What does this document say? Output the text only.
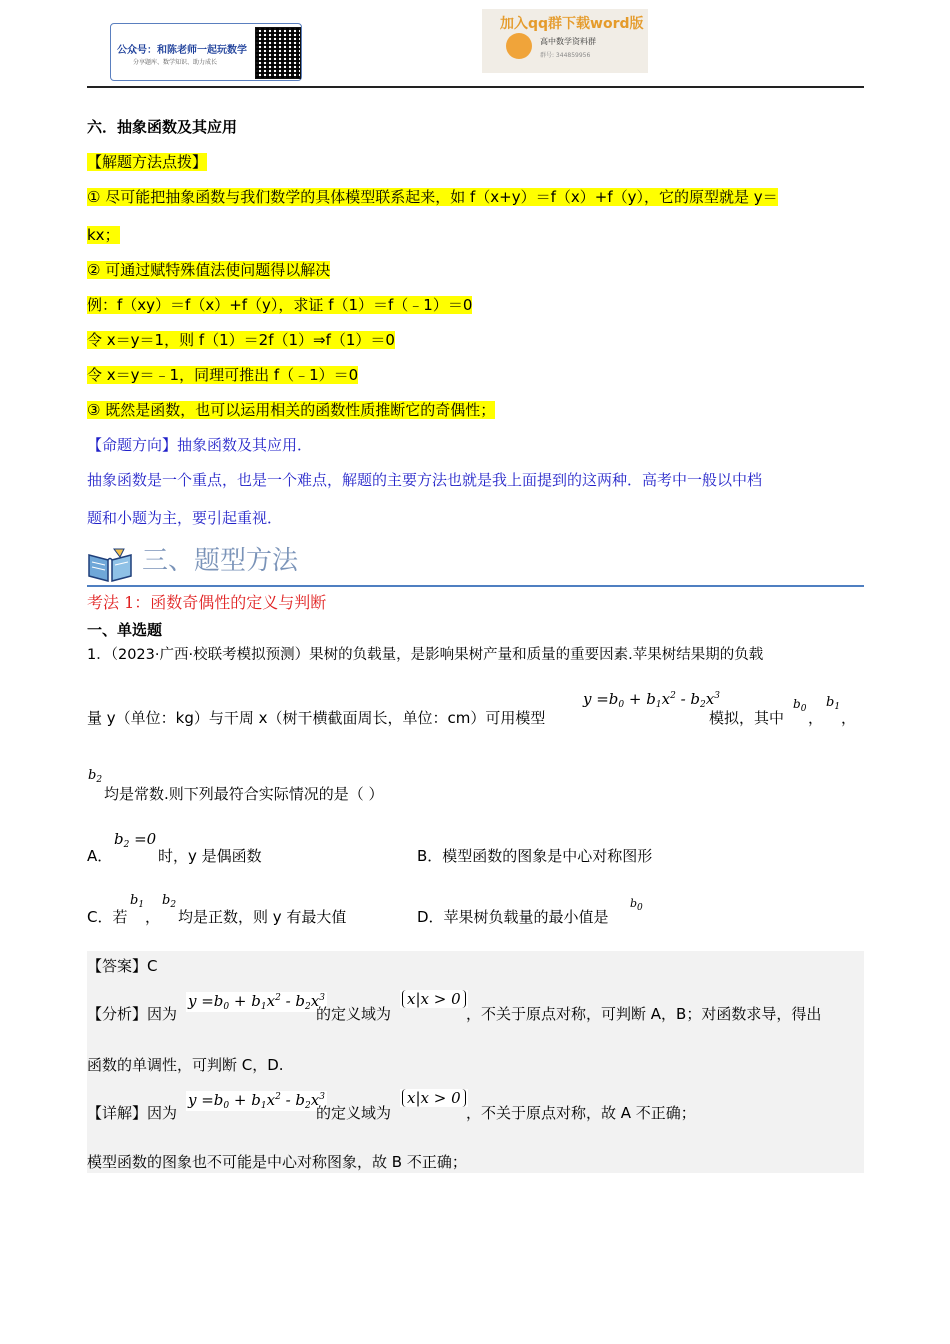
公众号：和陈老师一起玩数学
分享题库、数学知识、助力成长
加入qq群下载word版
高中数学资料群
群号: 344859956
六．抽象函数及其应用
【解题方法点拨】
① 尽可能把抽象函数与我们数学的具体模型联系起来，如 f（x+y）＝f（x）+f（y），它的原型就是 y＝
kx；
② 可通过赋特殊值法使问题得以解决
例：f（xy）＝f（x）+f（y），求证 f（1）＝f（﹣1）＝0
令 x＝y＝1，则 f（1）＝2f（1）⇒f（1）＝0
令 x＝y＝﹣1，同理可推出 f（﹣1）＝0
③ 既然是函数，也可以运用相关的函数性质推断它的奇偶性；
【命题方向】抽象函数及其应用．
抽象函数是一个重点，也是一个难点，解题的主要方法也就是我上面提到的这两种．高考中一般以中档
题和小题为主，要引起重视．
三、题型方法
考法 1：函数奇偶性的定义与判断
一、单选题
1．（2023·广西·校联考模拟预测）果树的负载量，是影响果树产量和质量的重要因素.苹果树结果期的负载
量 y（单位：kg）与干周 x（树干横截面周长，单位：cm）可用模型
$y =b_0 + b_1x^2 - b_2x^3$
模拟，其中
$b_0$ ，
$b_1$
，
$b_2$
均是常数.则下列最符合实际情况的是（ ）
A．
$b_2 =0$
时，y 是偶函数	B．模型函数的图象是中心对称图形
C．若
$b_1$
，
$b_2$
均是正数，则 y 有最大值	D．苹果树负载量的最小值是
$b_0$
【答案】C
【分析】因为
$y =b_0 + b_1x^2 - b_2x^3$
的定义域为
x|x > 0
，不关于原点对称，可判断 A，B；对函数求导，得出
函数的单调性，可判断 C，D.
【详解】因为
$y =b_0 + b_1x^2 - b_2x^3$
的定义域为
x|x > 0
，不关于原点对称，故 A 不正确；
模型函数的图象也不可能是中心对称图象，故 B 不正确；
